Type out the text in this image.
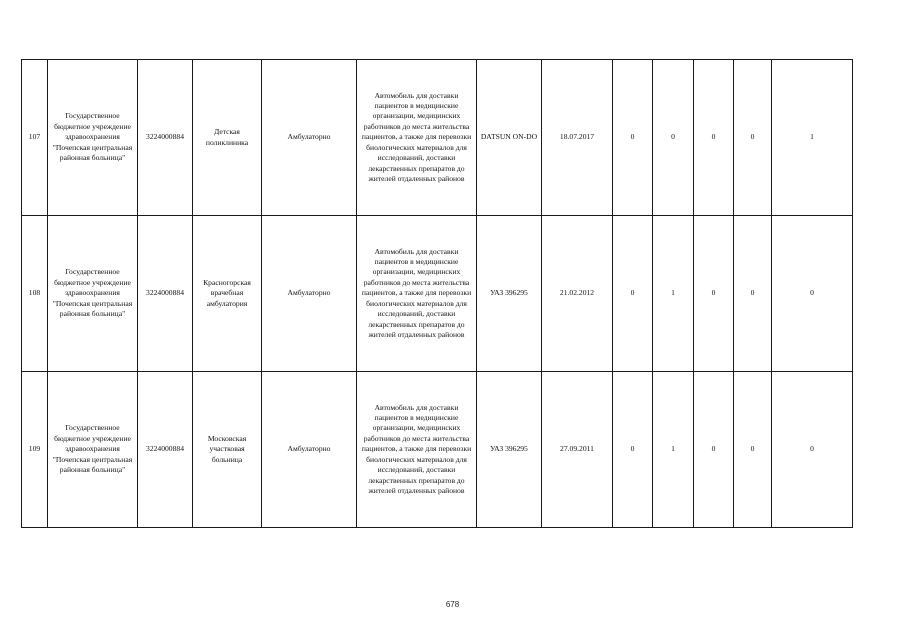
107	Государственное бюджетное учреждение здравоохранения "Почепская центральная районная больница"	3224000884	Детская поликлиника	Амбулаторно	Автомобиль для доставки пациентов в медицинские организации, медицинских работников до места жительства пациентов, а также для перевозки биологических материалов для исследований, доставки лекарственных препаратов до жителей отдаленных районов	DATSUN ON-DO	18.07.2017	0	0	0	0	1
108	Государственное бюджетное учреждение здравоохранения "Почепская центральная районная больница"	3224000884	Красногорская врачебная амбулатория	Амбулаторно	Автомобиль для доставки пациентов в медицинские организации, медицинских работников до места жительства пациентов, а также для перевозки биологических материалов для исследований, доставки лекарственных препаратов до жителей отдаленных районов	УАЗ 396295	21.02.2012	0	1	0	0	0
109	Государственное бюджетное учреждение здравоохранения "Почепская центральная районная больница"	3224000884	Московская участковая больница	Амбулаторно	Автомобиль для доставки пациентов в медицинские организации, медицинских работников до места жительства пациентов, а также для перевозки биологических материалов для исследований, доставки лекарственных препаратов до жителей отдаленных районов	УАЗ 396295	27.09.2011	0	1	0	0	0
678
